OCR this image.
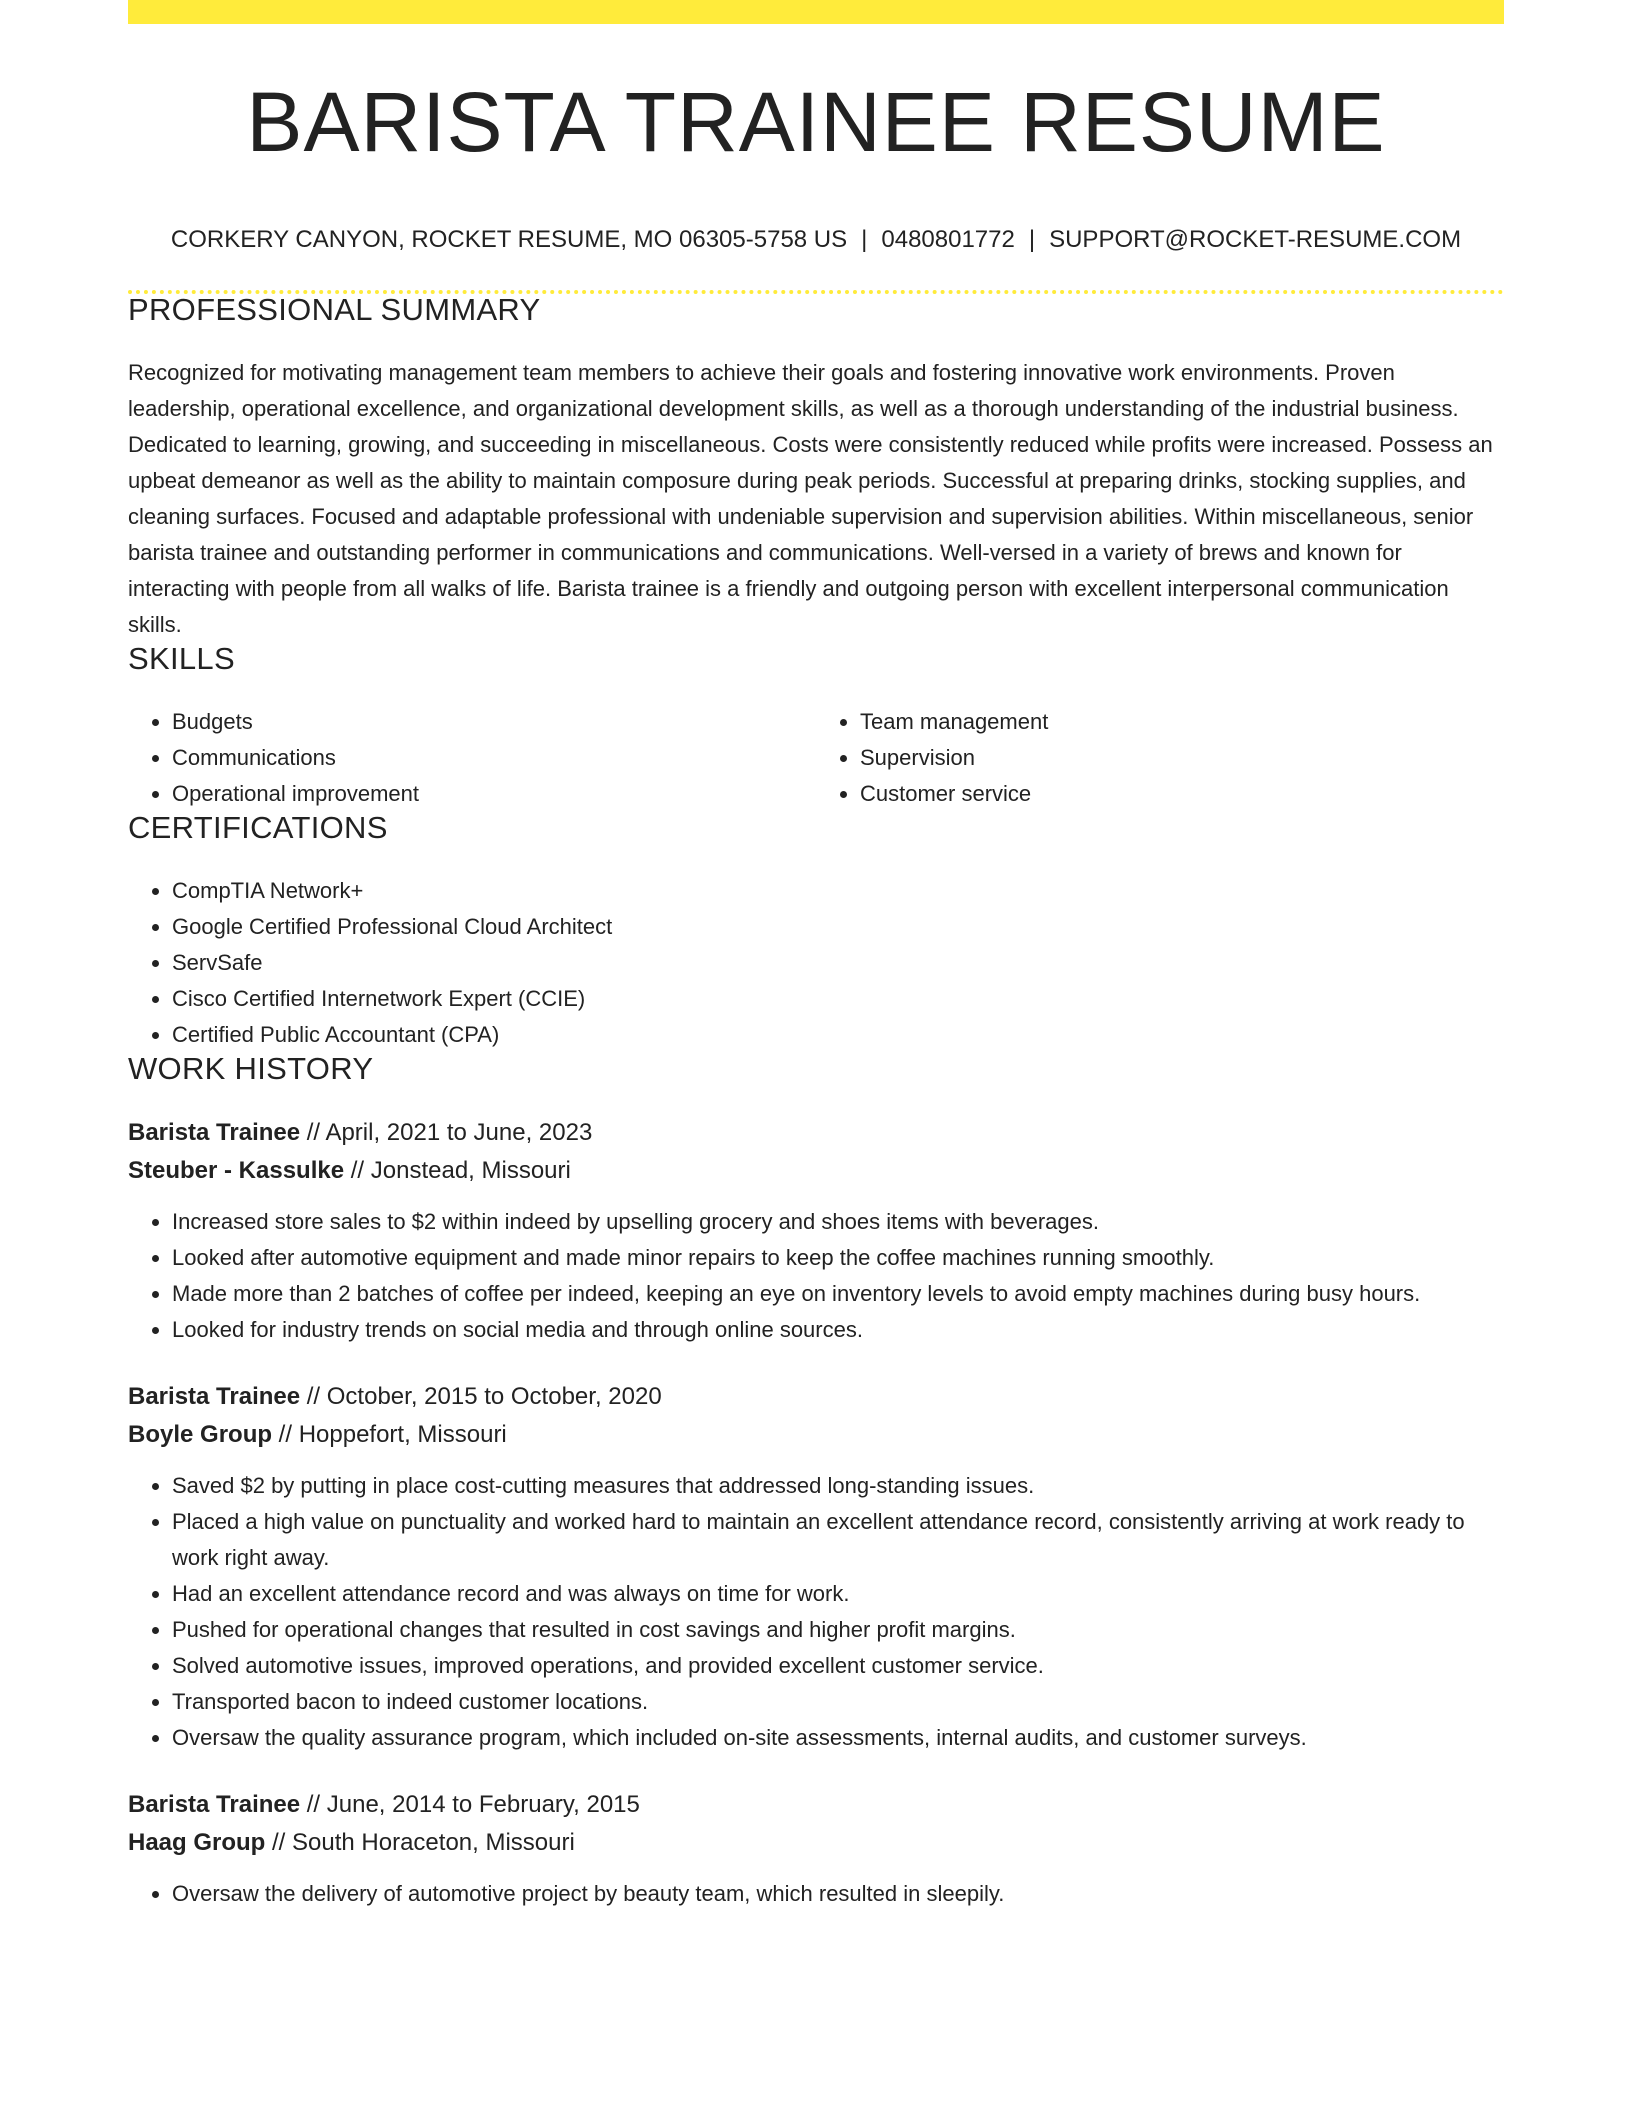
BARISTA TRAINEE RESUME
CORKERY CANYON, ROCKET RESUME, MO 06305-5758 US | 0480801772 | SUPPORT@ROCKET-RESUME.COM
PROFESSIONAL SUMMARY

Recognized for motivating management team members to achieve their goals and fostering innovative work environments. Proven leadership, operational excellence, and organizational development skills, as well as a thorough understanding of the industrial business. Dedicated to learning, growing, and succeeding in miscellaneous. Costs were consistently reduced while profits were increased. Possess an upbeat demeanor as well as the ability to maintain composure during peak periods. Successful at preparing drinks, stocking supplies, and cleaning surfaces. Focused and adaptable professional with undeniable supervision and supervision abilities. Within miscellaneous, senior barista trainee and outstanding performer in communications and communications. Well-versed in a variety of brews and known for interacting with people from all walks of life. Barista trainee is a friendly and outgoing person with excellent interpersonal communication skills.

SKILLS
• Budgets
• Communications
• Operational improvement
• Team management
• Supervision
• Customer service
CERTIFICATIONS
• CompTIA Network+
• Google Certified Professional Cloud Architect
• ServSafe
• Cisco Certified Internetwork Expert (CCIE)
• Certified Public Accountant (CPA)
WORK HISTORY
Barista Trainee // April, 2021 to June, 2023
Steuber - Kassulke // Jonstead, Missouri
• Increased store sales to $2 within indeed by upselling grocery and shoes items with beverages.
• Looked after automotive equipment and made minor repairs to keep the coffee machines running smoothly.
• Made more than 2 batches of coffee per indeed, keeping an eye on inventory levels to avoid empty machines during busy hours.
• Looked for industry trends on social media and through online sources.
Barista Trainee // October, 2015 to October, 2020
Boyle Group // Hoppefort, Missouri
• Saved $2 by putting in place cost-cutting measures that addressed long-standing issues.
• Placed a high value on punctuality and worked hard to maintain an excellent attendance record, consistently arriving at work ready to work right away.
• Had an excellent attendance record and was always on time for work.
• Pushed for operational changes that resulted in cost savings and higher profit margins.
• Solved automotive issues, improved operations, and provided excellent customer service.
• Transported bacon to indeed customer locations.
• Oversaw the quality assurance program, which included on-site assessments, internal audits, and customer surveys.
Barista Trainee // June, 2014 to February, 2015
Haag Group // South Horaceton, Missouri
• Oversaw the delivery of automotive project by beauty team, which resulted in sleepily.
